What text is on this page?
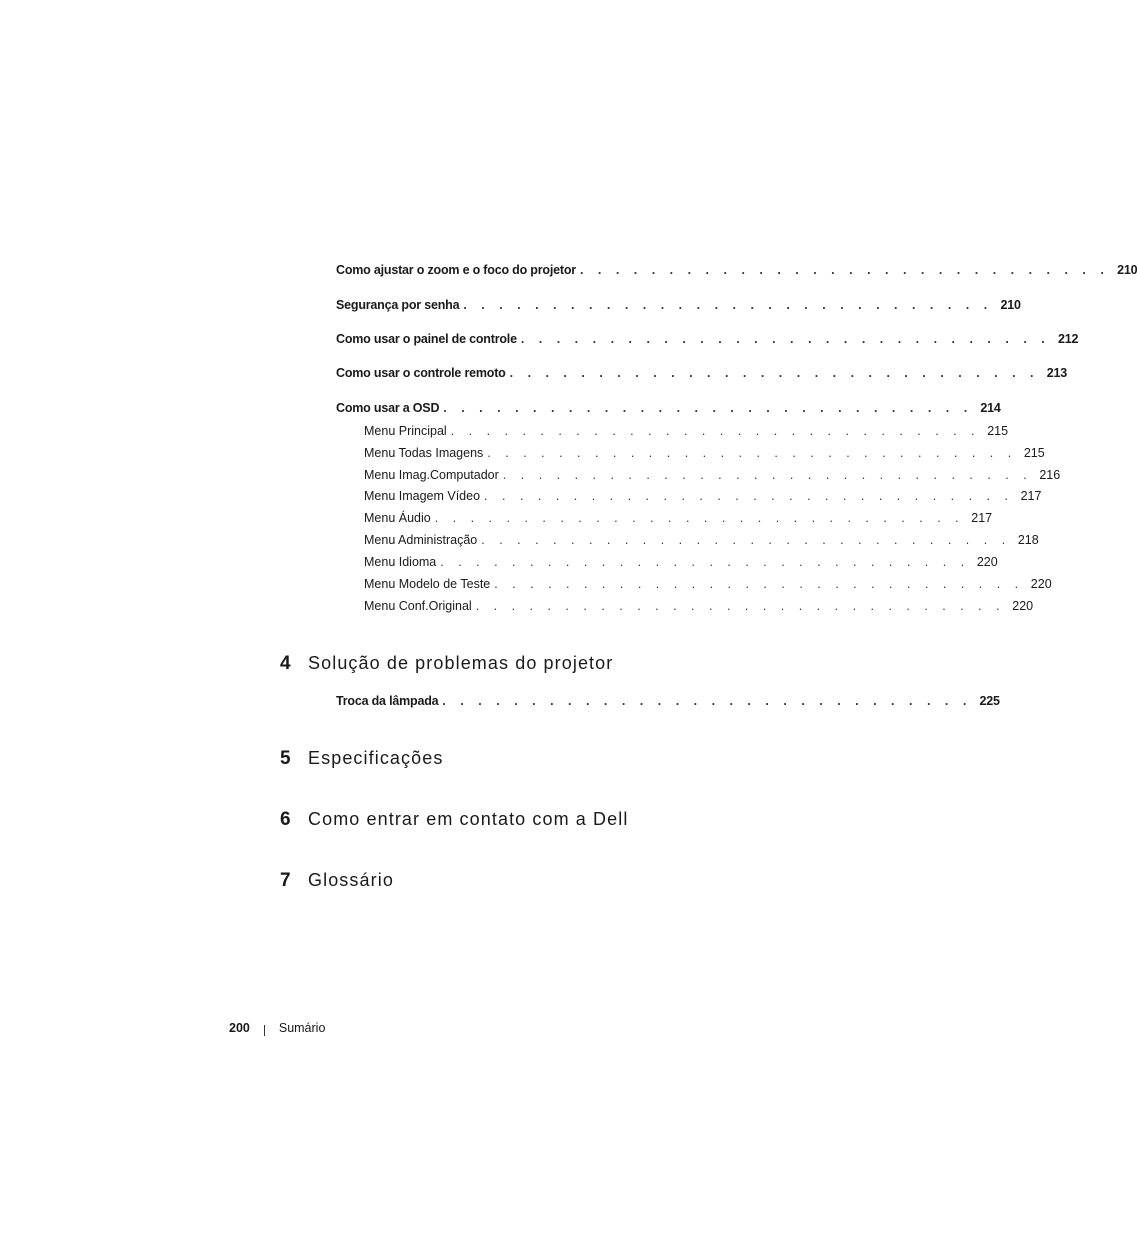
Como ajustar o zoom e o foco do projetor . . . . . . . . . . . . . . . . . . . . . . . . . . . . . . 210
Segurança por senha . . . . . . . . . . . . . . . . . . . . . . . . . . . . . . 210
Como usar o painel de controle . . . . . . . . . . . . . . . . . . . . . . . . . . . . . . 212
Como usar o controle remoto . . . . . . . . . . . . . . . . . . . . . . . . . . . . . . 213
Como usar a OSD . . . . . . . . . . . . . . . . . . . . . . . . . . . . . . 214
Menu Principal . . . . . . . . . . . . . . . . . . . . . . . . . . . . . . 215
Menu Todas Imagens . . . . . . . . . . . . . . . . . . . . . . . . . . . . . . 215
Menu Imag.Computador . . . . . . . . . . . . . . . . . . . . . . . . . . . . . . 216
Menu Imagem Vídeo . . . . . . . . . . . . . . . . . . . . . . . . . . . . . . 217
Menu Áudio . . . . . . . . . . . . . . . . . . . . . . . . . . . . . . 217
Menu Administração . . . . . . . . . . . . . . . . . . . . . . . . . . . . . . 218
Menu Idioma . . . . . . . . . . . . . . . . . . . . . . . . . . . . . . 220
Menu Modelo de Teste . . . . . . . . . . . . . . . . . . . . . . . . . . . . . . 220
Menu Conf.Original . . . . . . . . . . . . . . . . . . . . . . . . . . . . . . 220
4 Solução de problemas do projetor
Troca da lâmpada . . . . . . . . . . . . . . . . . . . . . . . . . . . . . . 225
5 Especificações
6 Como entrar em contato com a Dell
7 Glossário
200 Sumário
